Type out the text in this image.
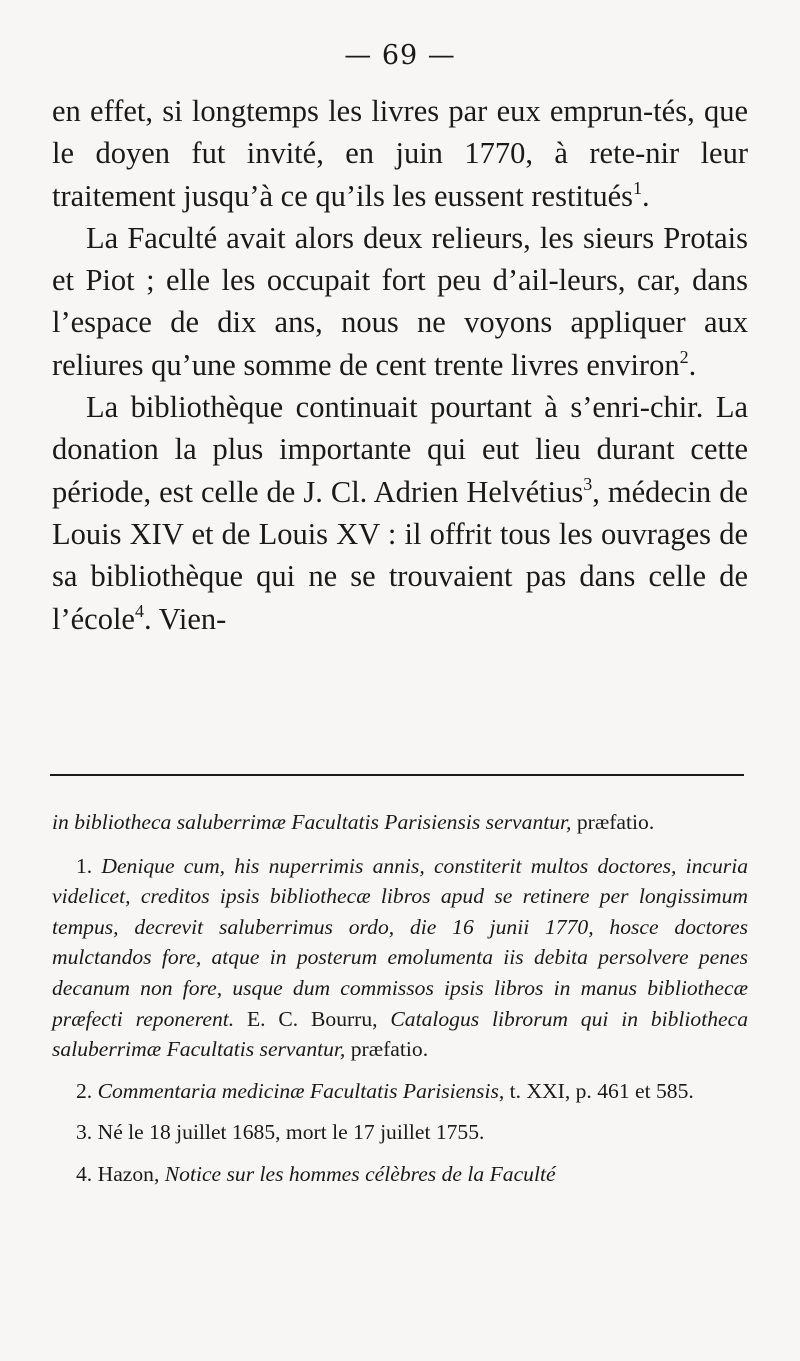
— 69 —

en effet, si longtemps les livres par eux emprun-tés, que le doyen fut invité, en juin 1770, à rete-nir leur traitement jusqu’à ce qu’ils les eussent restitués$^1$.

La Faculté avait alors deux relieurs, les sieurs Protais et Piot ; elle les occupait fort peu d’ail-leurs, car, dans l’espace de dix ans, nous ne voyons appliquer aux reliures qu’une somme de cent trente livres environ$^2$.

La bibliothèque continuait pourtant à s’enri-chir. La donation la plus importante qui eut lieu durant cette période, est celle de J. Cl. Adrien Helvétius$^3$, médecin de Louis XIV et de Louis XV : il offrit tous les ouvrages de sa bibliothèque qui ne se trouvaient pas dans celle de l’école$^4$. Vien-

in bibliotheca saluberrimæ Facultatis Parisiensis servantur, præfatio.

1. Denique cum, his nuperrimis annis, constiterit multos doctores, incuria videlicet, creditos ipsis bibliothecæ libros apud se retinere per longissimum tempus, decrevit saluberrimus ordo, die 16 junii 1770, hosce doctores mulctandos fore, atque in posterum emolumenta iis debita persolvere penes decanum non fore, usque dum commissos ipsis libros in manus bibliothecæ præfecti reponerent. E. C. Bourru, Catalogus librorum qui in bibliotheca saluberrimæ Facultatis servantur, præfatio.

2. Commentaria medicinæ Facultatis Parisiensis, t. XXI, p. 461 et 585.

3. Né le 18 juillet 1685, mort le 17 juillet 1755.

4. Hazon, Notice sur les hommes célèbres de la Faculté
